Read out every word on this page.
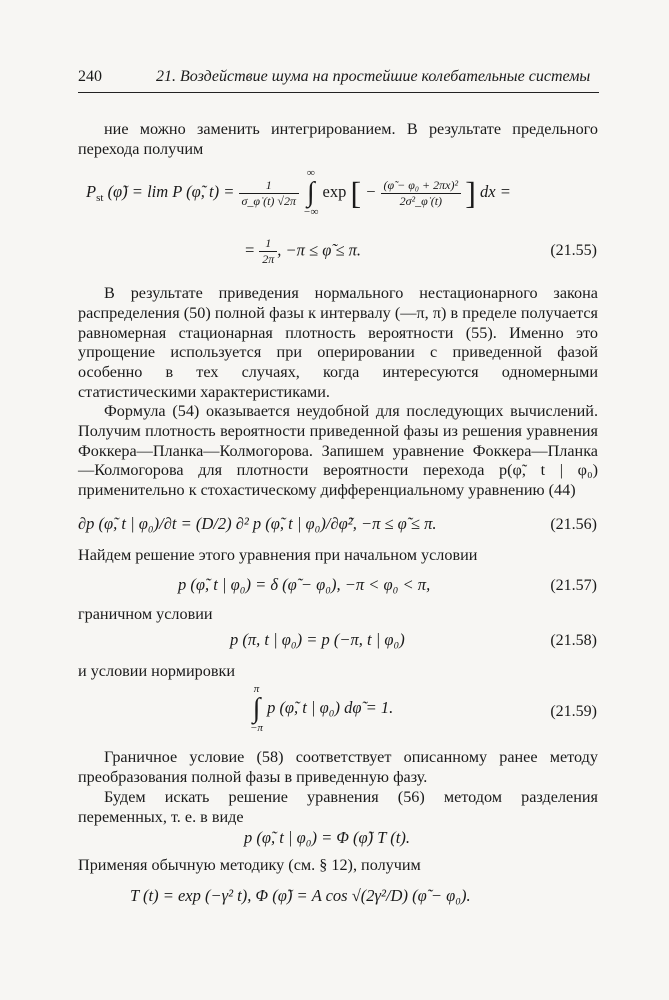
240	21. Воздействие шума на простейшие колебательные системы
ние можно заменить интегрированием. В результате предельного перехода получим
$P_{st}$ (φ̃) = lim P (φ̃, $t) = \frac{1}{\sigma\_\varphi̇ (t) √2\pi}$

∞
∫
−∞
exp [ − $\frac{\text{(φ̃ − φ₀ + 2πx)²}}{\text{2σ²\_φ̇ (t)}}$ ] dx =
= $\frac{1}{2\pi}$ , −π ≤ φ̃ ≤ π.	(21.55)
В результате приведения нормального нестационарного закона распределения (50) полной фазы к интервалу (—π, π) в пределе получается равномерная стационарная плотность вероятности (55). Именно это упрощение используется при оперировании с приведенной фазой особенно в тех случаях, когда интересуются одномерными статистическими характеристиками.
Формула (54) оказывается неудобной для последующих вычислений. Получим плотность вероятности приведенной фазы из решения уравнения Фоккера—Планка—Колмогорова. Запишем уравнение Фоккера—Планка—Колмогорова для плотности вероятности перехода p(φ̃, t | φ₀) применительно к стохастическому дифференциальному уравнению (44)
∂p (φ̃, t | φ₀)/∂t = (D/2) ∂² p (φ̃, t | φ₀)/∂φ̃², −π ≤ φ̃ ≤ π.	(21.56)
Найдем решение этого уравнения при начальном условии
p (φ̃, t | φ₀) = δ (φ̃ − φ₀), −π < φ₀ < π,	(21.57)
граничном условии
p (π, t | φ₀) = p (−π, t | φ₀)	(21.58)
и условии нормировки
π
∫
−π
p (φ̃, t | φ₀) dφ̃ = 1.	(21.59)
Граничное условие (58) соответствует описанному ранее методу преобразования полной фазы в приведенную фазу.
Будем искать решение уравнения (56) методом разделения переменных, т. е. в виде
p (φ̃, t | φ₀) = Φ (φ̃) T (t).
Применяя обычную методику (см. § 12), получим
T (t) = exp (−γ² t), Φ (φ̃) = A cos √(2γ²/D) (φ̃ − φ₀).
